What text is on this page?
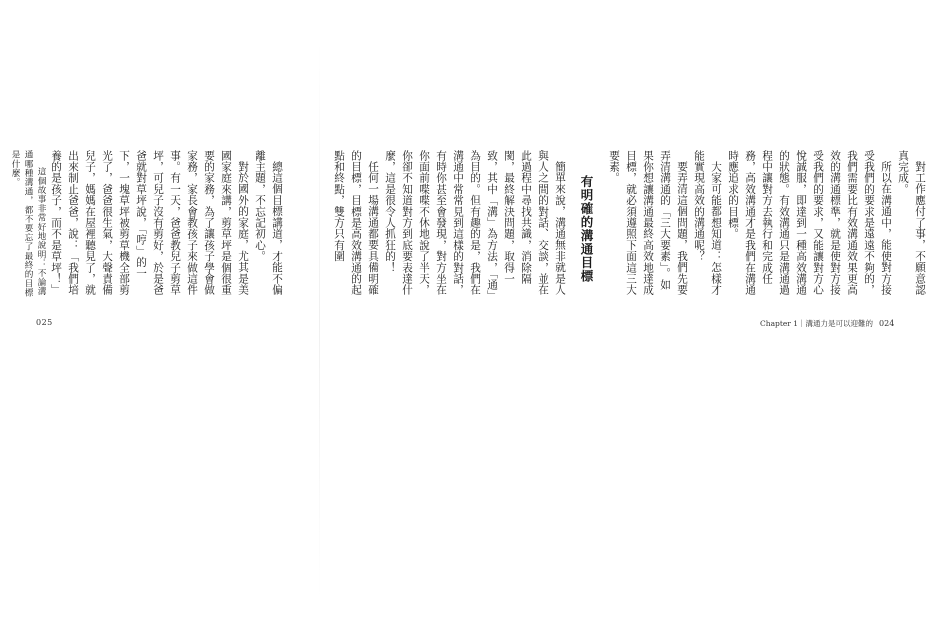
總這個目標講道，才能不偏離主題，不忘記初心。

對於國外的家庭，尤其是美國家庭來講，剪草坪是個很重要的家務，為了讓孩子學會做家務，家長會教孩子來做這件事。有一天，爸爸教兒子剪草坪，可兒子沒有剪好，於是爸爸就對草坪說，「哼」的一下，一塊草坪被剪草機全部剪光了，爸爸很生氣，大聲責備兒子，媽媽在屋裡聽見了，就出來制止爸爸，說：「我們培養的是孩子，而不是草坪！」

這個故事非常好地說明：不論溝通哪種溝通，都不要忘了最終的目標是什麼。

025

對工作應付了事，不願意認真完成。

所以在溝通中，能使對方接受我們的要求是遠遠不夠的，我們需要比有效溝通效果更高效的溝通標準，就是使對方接受我們的要求，又能讓對方心悅誠服，即達到一種高效溝通的狀態。有效溝通只是溝通過程中讓對方去執行和完成任務，高效溝通才是我們在溝通時應追求的目標。

大家可能都想知道：怎樣才能實現高效的溝通呢？

要弄清這個問題，我們先要弄清溝通的「三大要素」。如果你想讓溝通最終高效地達成目標，就必須遵照下面這三大要素。

有明確的溝通目標

簡單來說，溝通無非就是人與人之間的對話、交談，並在此過程中尋找共識，消除隔閡，最終解決問題，取得一致，其中「溝」為方法，「通」為目的。但有趣的是，我們在溝通中常常見到這樣的對話，有時你甚至會發現，對方坐在你面前喋喋不休地說了半天，你卻不知道對方到底要表達什麼，這是很令人抓狂的！

任何一場溝通都要具備明確的目標，目標是高效溝通的起點和終點，雙方只有圍

Chapter 1｜溝通力是可以迎難的 024
